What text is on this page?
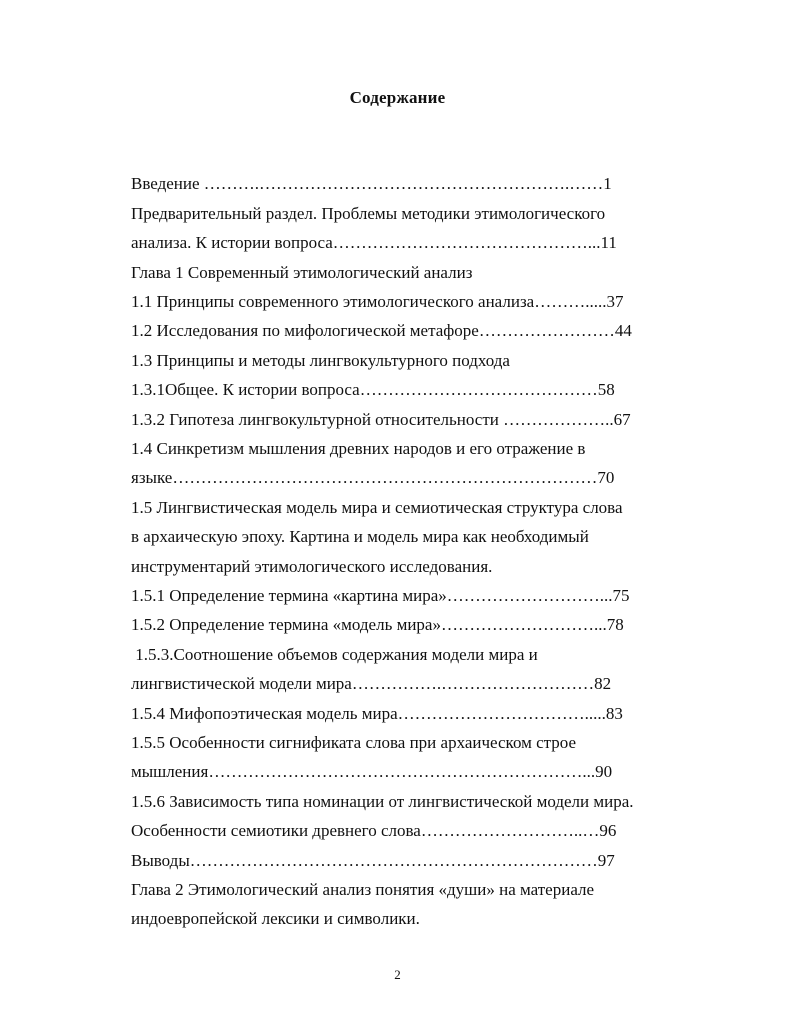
Содержание
Введение ……….……………………………………………….……1
Предварительный раздел. Проблемы методики этимологического
анализа. К истории вопроса………………………………………...11
Глава 1 Современный этимологический анализ
1.1 Принципы современного этимологического анализа……….....37
1.2 Исследования по мифологической метафоре……………………44
1.3 Принципы и методы лингвокультурного подхода
1.3.1Общее. К истории вопроса……………………………………58
1.3.2 Гипотеза лингвокультурной относительности ………………..67
1.4 Синкретизм мышления древних народов и его отражение в
языке…………………………………………………………………70
1.5 Лингвистическая модель мира и семиотическая структура слова
в архаическую эпоху. Картина и модель мира как необходимый
инструментарий этимологического исследования.
1.5.1 Определение термина «картина мира»………………………...75
1.5.2 Определение термина «модель мира»………………………...78
1.5.3.Соотношение объемов содержания модели мира и
лингвистической модели мира…………….………………………82
1.5.4 Мифопоэтическая модель мира…………………………….....83
1.5.5 Особенности сигнификата слова при архаическом строе
мышления…………………………………………………………...90
1.5.6 Зависимость типа номинации от лингвистической модели мира.
Особенности семиотики древнего слова………………………..…96
Выводы………………………………………………………………97
Глава 2 Этимологический анализ понятия «души» на материале
индоевропейской лексики и символики.
2
